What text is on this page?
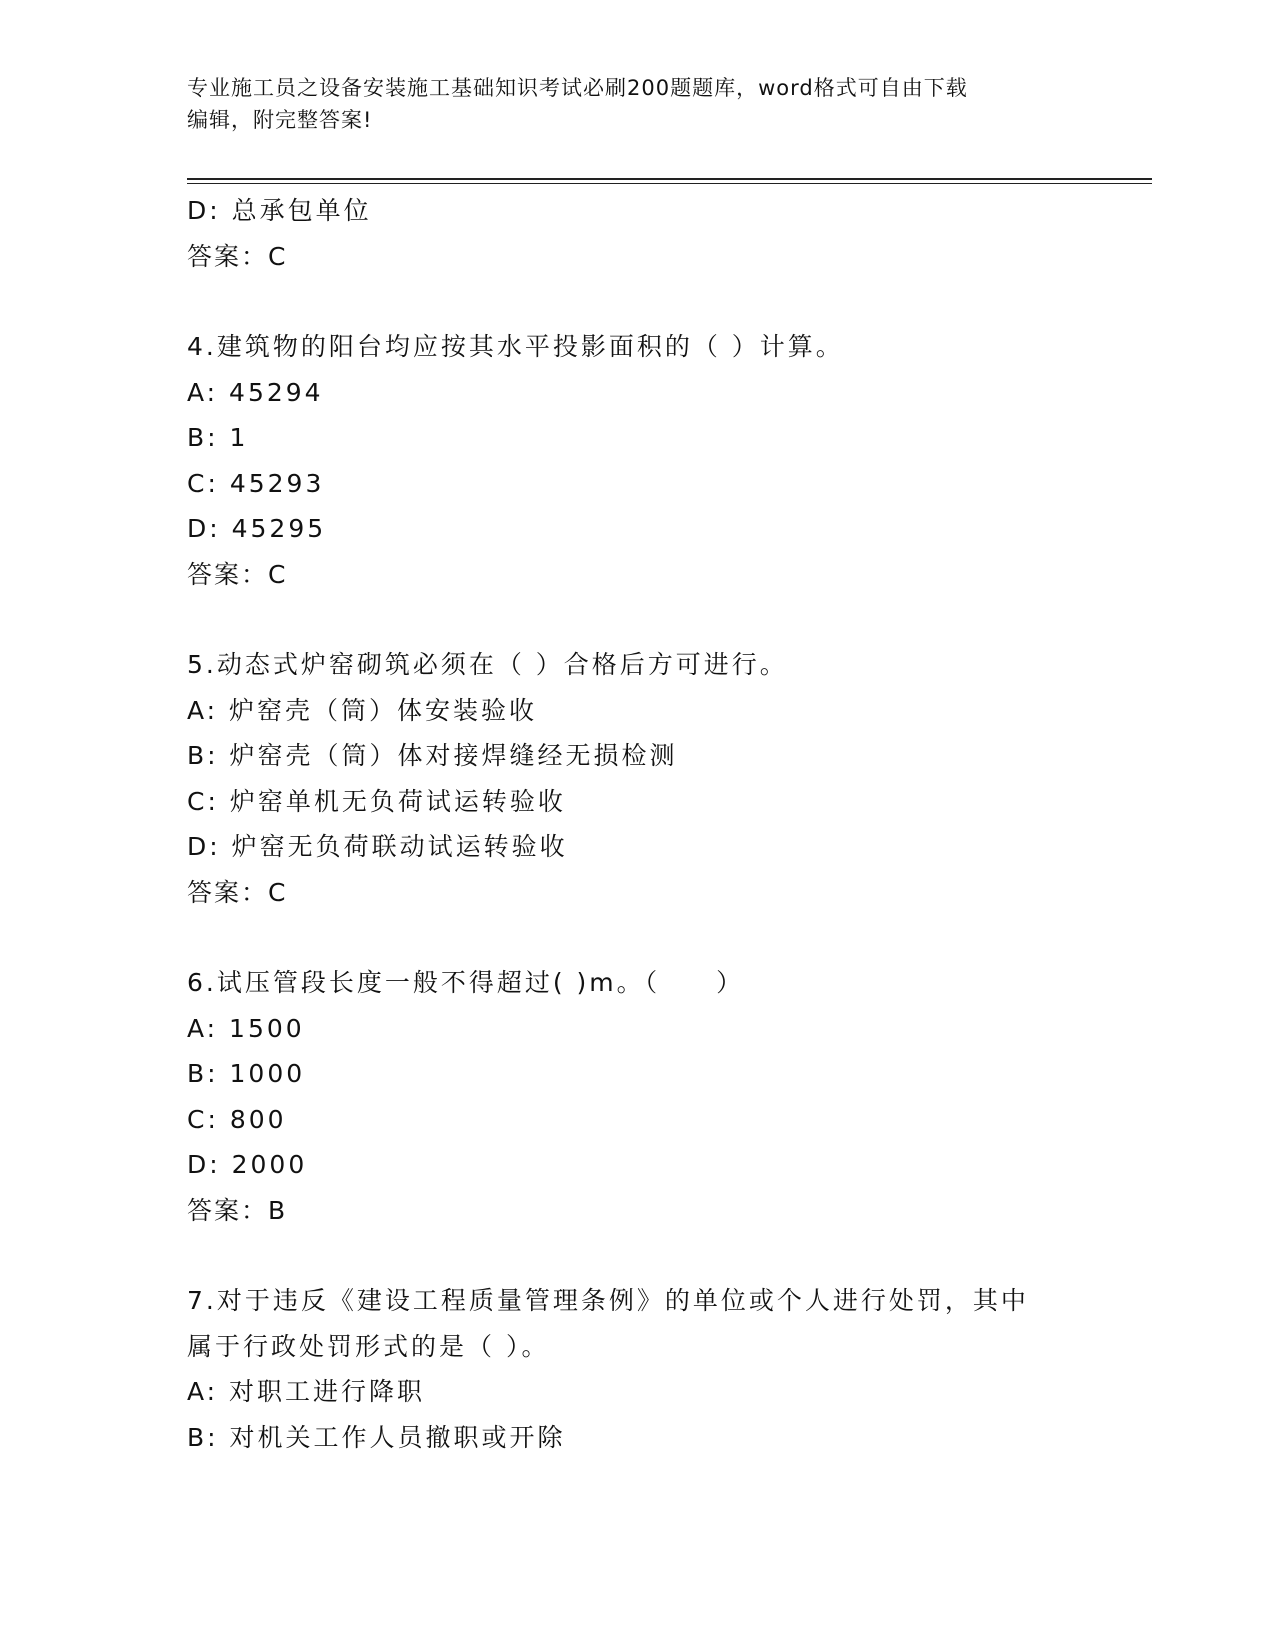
专业施工员之设备安装施工基础知识考试必刷200题题库，word格式可自由下载
编辑，附完整答案!
D: 总承包单位
答案：C
4.建筑物的阳台均应按其水平投影面积的（ ）计算。
A: 45294
B: 1
C: 45293
D: 45295
答案：C
5.动态式炉窑砌筑必须在（ ）合格后方可进行。
A: 炉窑壳（筒）体安装验收
B: 炉窑壳（筒）体对接焊缝经无损检测
C: 炉窑单机无负荷试运转验收
D: 炉窑无负荷联动试运转验收
答案：C
6.试压管段长度一般不得超过( )m。（　　）
A: 1500
B: 1000
C: 800
D: 2000
答案：B
7.对于违反《建设工程质量管理条例》的单位或个人进行处罚，其中
属于行政处罚形式的是（ ）。
A: 对职工进行降职
B: 对机关工作人员撤职或开除
